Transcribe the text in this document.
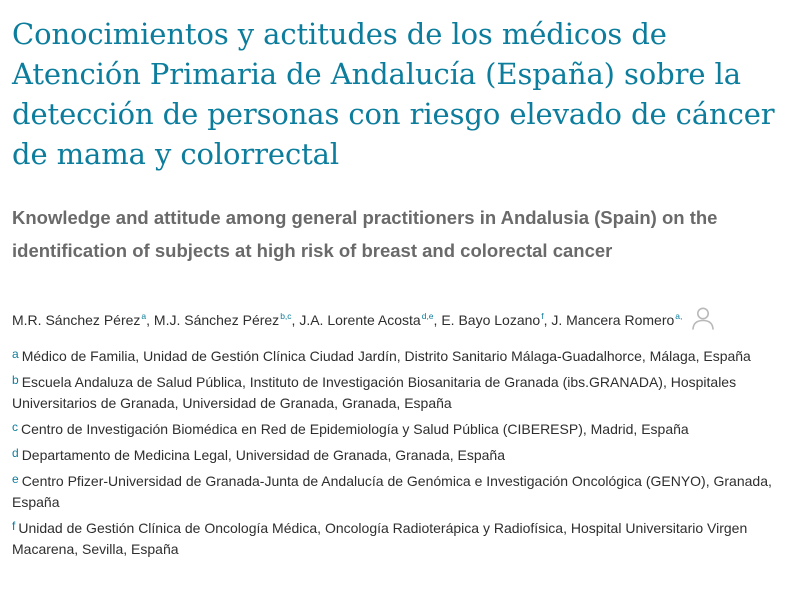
Conocimientos y actitudes de los médicos de Atención Primaria de Andalucía (España) sobre la detección de personas con riesgo elevado de cáncer de mama y colorrectal
Knowledge and attitude among general practitioners in Andalusia (Spain) on the identification of subjects at high risk of breast and colorectal cancer
M.R. Sánchez Pérez$^a$, M.J. Sánchez Pérez$^{b,c}$, J.A. Lorente Acosta$^{d,e}$, E. Bayo Lozano$^f$, J. Mancera Romero$^{a,}$

a Médico de Familia, Unidad de Gestión Clínica Ciudad Jardín, Distrito Sanitario Málaga-Guadalhorce, Málaga, España

b Escuela Andaluza de Salud Pública, Instituto de Investigación Biosanitaria de Granada (ibs.GRANADA), Hospitales Universitarios de Granada, Universidad de Granada, Granada, España

c Centro de Investigación Biomédica en Red de Epidemiología y Salud Pública (CIBERESP), Madrid, España

d Departamento de Medicina Legal, Universidad de Granada, Granada, España

e Centro Pfizer-Universidad de Granada-Junta de Andalucía de Genómica e Investigación Oncológica (GENYO), Granada, España

f Unidad de Gestión Clínica de Oncología Médica, Oncología Radioterápica y Radiofísica, Hospital Universitario Virgen Macarena, Sevilla, España
